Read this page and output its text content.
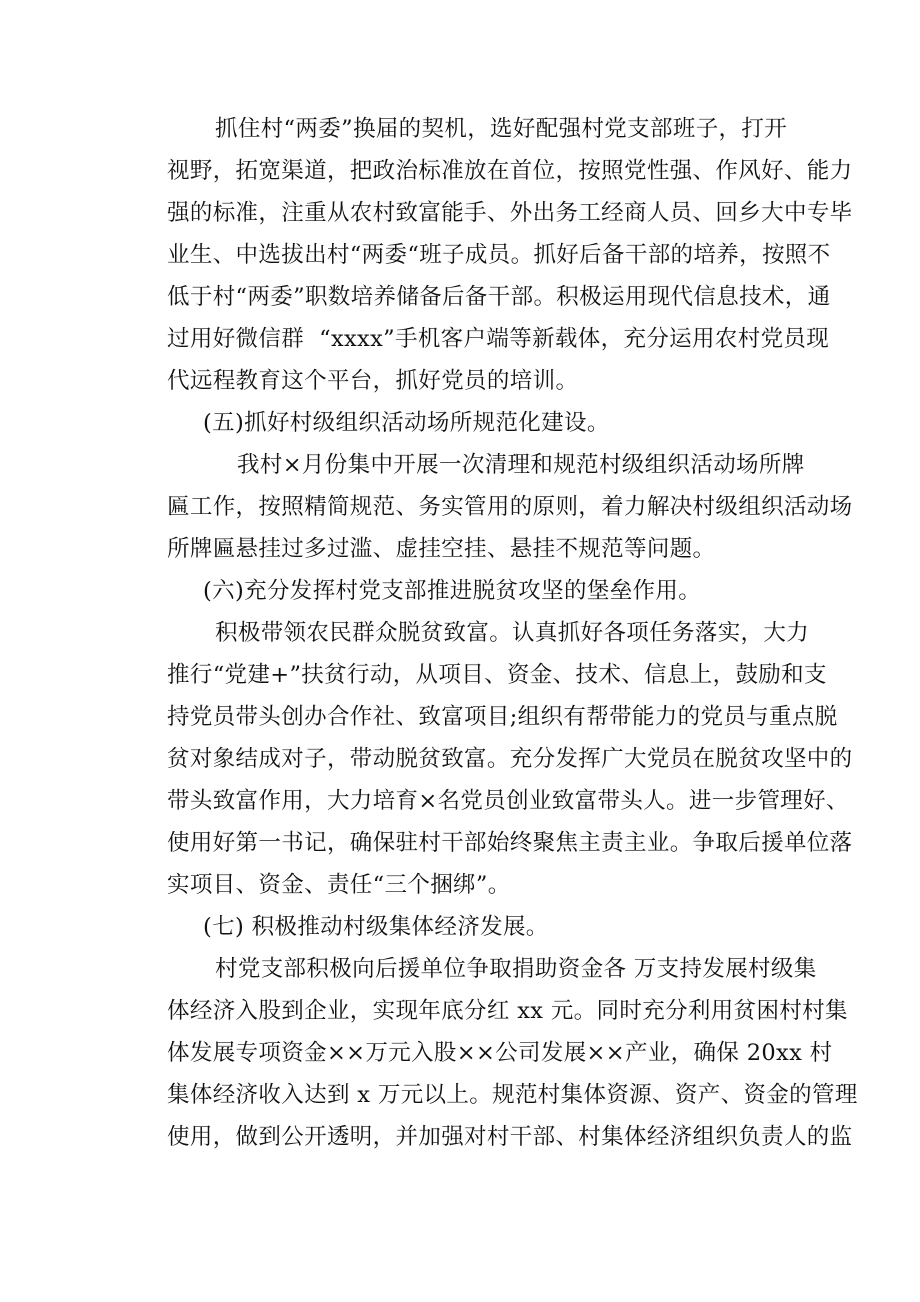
抓住村“两委”换届的契机，选好配强村党支部班子，打开
视野，拓宽渠道，把政治标准放在首位，按照党性强、作风好、能力
强的标准，注重从农村致富能手、外出务工经商人员、回乡大中专毕
业生、中选拔出村“两委“班子成员。抓好后备干部的培养，按照不
低于村“两委”职数培养储备后备干部。积极运用现代信息技术，通
过用好微信群  “xxxx”手机客户端等新载体，充分运用农村党员现
代远程教育这个平台，抓好党员的培训。
(五)抓好村级组织活动场所规范化建设。
我村×月份集中开展一次清理和规范村级组织活动场所牌
匾工作，按照精简规范、务实管用的原则，着力解决村级组织活动场
所牌匾悬挂过多过滥、虚挂空挂、悬挂不规范等问题。
(六)充分发挥村党支部推进脱贫攻坚的堡垒作用。
积极带领农民群众脱贫致富。认真抓好各项任务落实，大力
推行“党建+”扶贫行动，从项目、资金、技术、信息上，鼓励和支
持党员带头创办合作社、致富项目;组织有帮带能力的党员与重点脱
贫对象结成对子，带动脱贫致富。充分发挥广大党员在脱贫攻坚中的
带头致富作用，大力培育×名党员创业致富带头人。进一步管理好、
使用好第一书记，确保驻村干部始终聚焦主责主业。争取后援单位落
实项目、资金、责任“三个捆绑”。
(七) 积极推动村级集体经济发展。
村党支部积极向后援单位争取捐助资金各 万支持发展村级集
体经济入股到企业，实现年底分红 xx 元。同时充分利用贫困村村集
体发展专项资金××万元入股××公司发展××产业，确保 20xx 村
集体经济收入达到 x 万元以上。规范村集体资源、资产、资金的管理
使用，做到公开透明，并加强对村干部、村集体经济组织负责人的监
